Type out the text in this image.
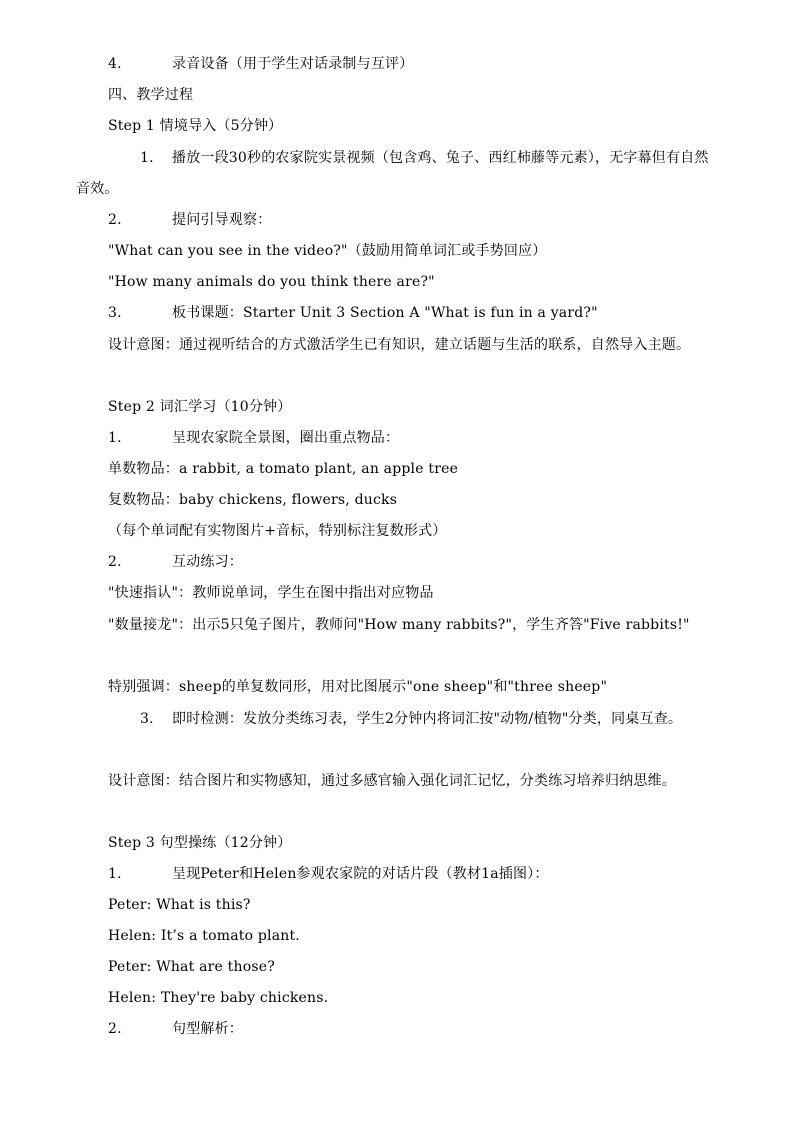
4.	录音设备（用于学生对话录制与互评）
四、教学过程
Step 1 情境导入（5分钟）
1. 播放一段30秒的农家院实景视频（包含鸡、兔子、西红柿藤等元素），无字幕但有自然音效。
2.	提问引导观察：
"What can you see in the video?"（鼓励用简单词汇或手势回应）
"How many animals do you think there are?"
3.	板书课题：Starter Unit 3 Section A "What is fun in a yard?"
设计意图：通过视听结合的方式激活学生已有知识，建立话题与生活的联系，自然导入主题。
Step 2 词汇学习（10分钟）
1.	呈现农家院全景图，圈出重点物品：
单数物品：a rabbit, a tomato plant, an apple tree
复数物品：baby chickens, flowers, ducks
（每个单词配有实物图片+音标，特别标注复数形式）
2.	互动练习：
"快速指认"：教师说单词，学生在图中指出对应物品
"数量接龙"：出示5只兔子图片，教师问"How many rabbits?"，学生齐答"Five rabbits!"
特别强调：sheep的单复数同形，用对比图展示"one sheep"和"three sheep"
3. 即时检测：发放分类练习表，学生2分钟内将词汇按"动物/植物"分类，同桌互查。
设计意图：结合图片和实物感知，通过多感官输入强化词汇记忆，分类练习培养归纳思维。
Step 3 句型操练（12分钟）
1.	呈现Peter和Helen参观农家院的对话片段（教材1a插图）：
Peter: What is this?
Helen: It’s a tomato plant.
Peter: What are those?
Helen: They're baby chickens.
2.	句型解析：
